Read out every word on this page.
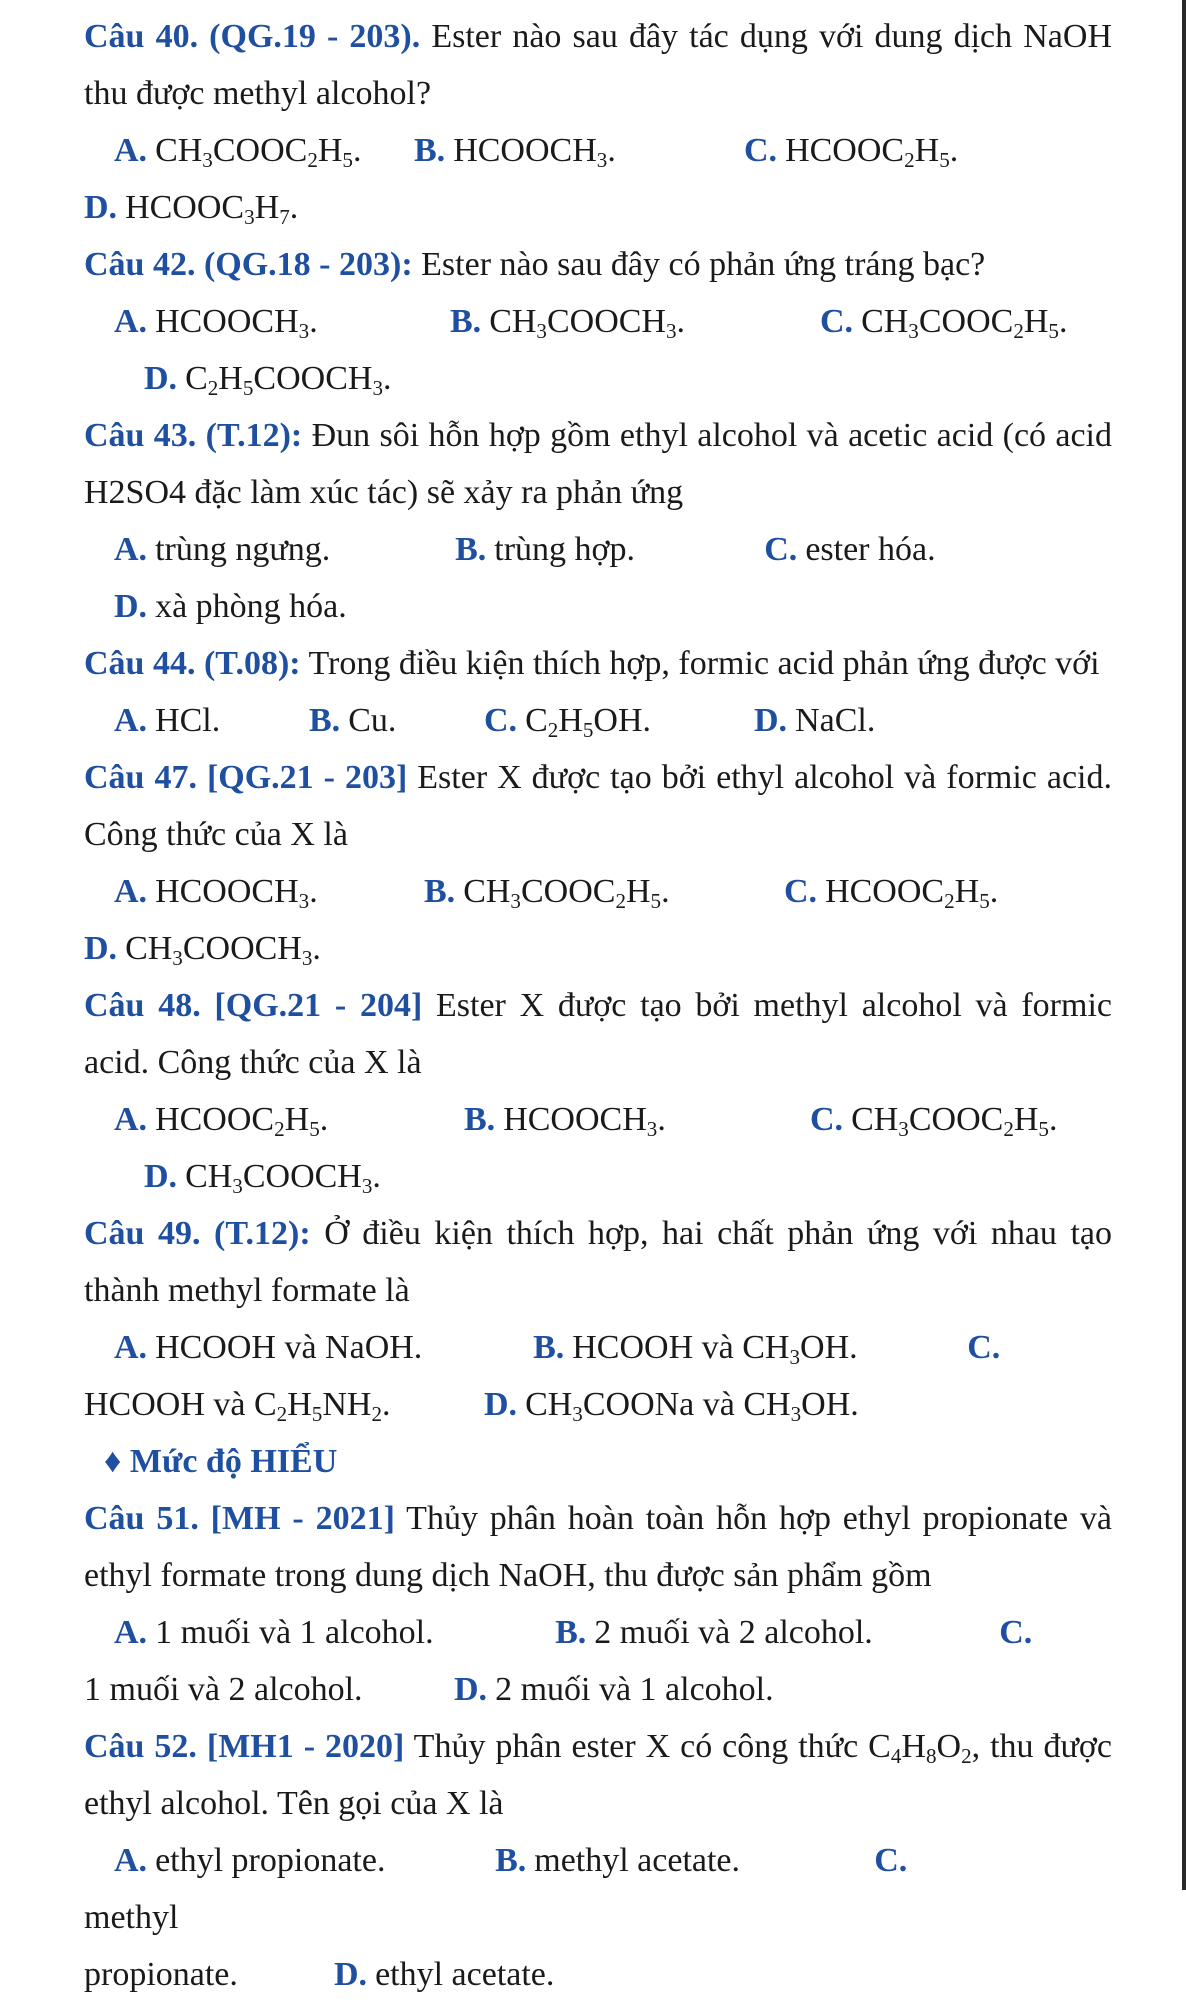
Câu 40. (QG.19 - 203). Ester nào sau đây tác dụng với dung dịch NaOH thu được methyl alcohol?

A. $CH_3COOC_2H_5$.	B. $HCOOCH_3$.	C. $HCOOC_2H_5$.
D. $HCOOC_3H_7$.

Câu 42. (QG.18 - 203): Ester nào sau đây có phản ứng tráng bạc?

A. $HCOOCH_3$.	B. $CH_3COOCH_3$.	C. $CH_3COOC_2H_5$.
D. $C_2H_5COOCH_3$.

Câu 43. (T.12): Đun sôi hỗn hợp gồm ethyl alcohol và acetic acid (có acid H2SO4 đặc làm xúc tác) sẽ xảy ra phản ứng

A. trùng ngưng.	B. trùng hợp.	C. ester hóa.D. xà phòng hóa.

Câu 44. (T.08): Trong điều kiện thích hợp, formic acid phản ứng được với

A. HCl.	B. Cu.	C. $C_2H_5OH$.	D. NaCl.

Câu 47. [QG.21 - 203] Ester X được tạo bởi ethyl alcohol và formic acid. Công thức của X là

A. $HCOOCH_3$.	B. $CH_3COOC_2H_5$.	C. $HCOOC_2H_5$.
D. $CH_3COOCH_3$.

Câu 48. [QG.21 - 204] Ester X được tạo bởi methyl alcohol và formic acid. Công thức của X là

A. $HCOOC_2H_5$.	B. $HCOOCH_3$.	C. $CH_3COOC_2H_5$.
D. $CH_3COOCH_3$.

Câu 49. (T.12): Ở điều kiện thích hợp, hai chất phản ứng với nhau tạo thành methyl formate là

A. HCOOH và NaOH.	B. HCOOH và $CH_3OH$.	C.
HCOOH và $C_2H_5NH_2$.	D. $CH_3COONa$ và $CH_3OH$.

♦ Mức độ HIỂU

Câu 51. [MH - 2021] Thủy phân hoàn toàn hỗn hợp ethyl propionate và ethyl formate trong dung dịch NaOH, thu được sản phẩm gồm

A. 1 muối và 1 alcohol.	B. 2 muối và 2 alcohol.	C.
1 muối và 2 alcohol.	D. 2 muối và 1 alcohol.

Câu 52. [MH1 - 2020] Thủy phân ester X có công thức $C_4H_8O_2$, thu được ethyl alcohol. Tên gọi của X là

A. ethyl propionate.	B. methyl acetate.	C.
methyl propionate.	D. ethyl acetate.
